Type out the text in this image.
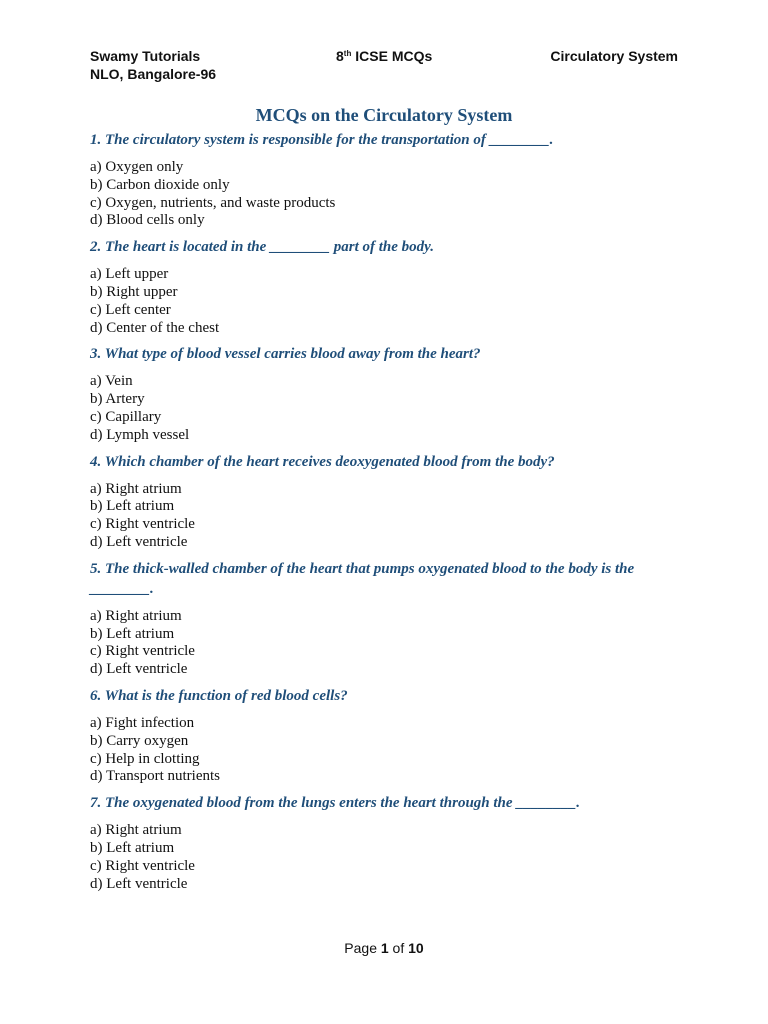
Swamy Tutorials
NLO, Bangalore-96
8th ICSE MCQs	Circulatory System
MCQs on the Circulatory System
1. The circulatory system is responsible for the transportation of ________.
a) Oxygen only
b) Carbon dioxide only
c) Oxygen, nutrients, and waste products
d) Blood cells only
2. The heart is located in the ________ part of the body.
a) Left upper
b) Right upper
c) Left center
d) Center of the chest
3. What type of blood vessel carries blood away from the heart?
a) Vein
b) Artery
c) Capillary
d) Lymph vessel
4. Which chamber of the heart receives deoxygenated blood from the body?
a) Right atrium
b) Left atrium
c) Right ventricle
d) Left ventricle
5. The thick-walled chamber of the heart that pumps oxygenated blood to the body is the ________.
a) Right atrium
b) Left atrium
c) Right ventricle
d) Left ventricle
6. What is the function of red blood cells?
a) Fight infection
b) Carry oxygen
c) Help in clotting
d) Transport nutrients
7. The oxygenated blood from the lungs enters the heart through the ________.
a) Right atrium
b) Left atrium
c) Right ventricle
d) Left ventricle
Page 1 of 10
